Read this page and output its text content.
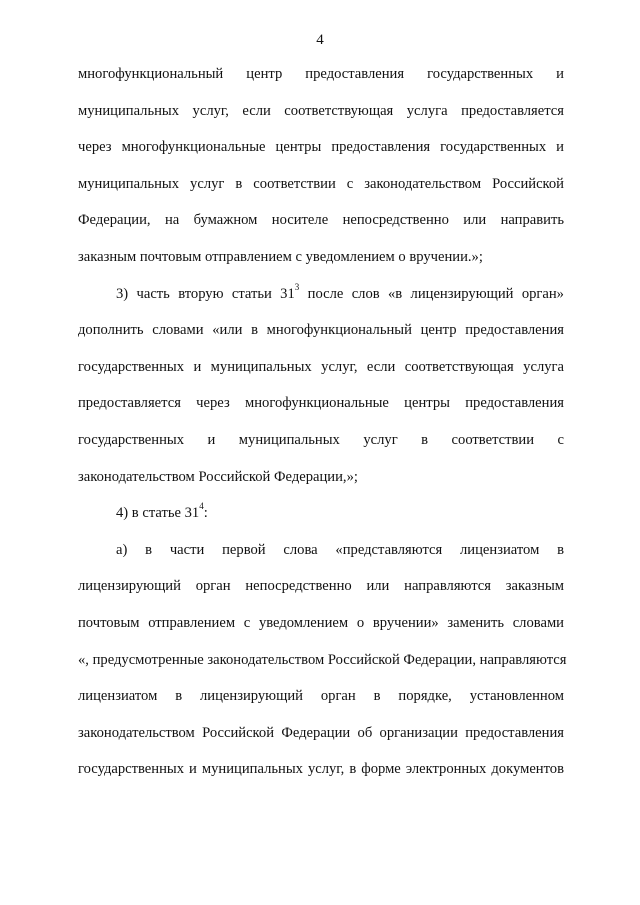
4
многофункциональный центр предоставления государственных и
муниципальных услуг, если соответствующая услуга предоставляется
через многофункциональные центры предоставления государственных и
муниципальных услуг в соответствии с законодательством Российской
Федерации, на бумажном носителе непосредственно или направить
заказным почтовым отправлением с уведомлением о вручении.»;
3) часть вторую статьи $31^3$ после слов «в лицензирующий орган»
дополнить словами «или в многофункциональный центр предоставления
государственных и муниципальных услуг, если соответствующая услуга
предоставляется через многофункциональные центры предоставления
государственных и муниципальных услуг в соответствии с
законодательством Российской Федерации,»;
4) в статье $31^4$:
а) в части первой слова «представляются лицензиатом в
лицензирующий орган непосредственно или направляются заказным
почтовым отправлением с уведомлением о вручении» заменить словами
«, предусмотренные законодательством Российской Федерации, направляются
лицензиатом в лицензирующий орган в порядке, установленном
законодательством Российской Федерации об организации предоставления
государственных и муниципальных услуг, в форме электронных документов
